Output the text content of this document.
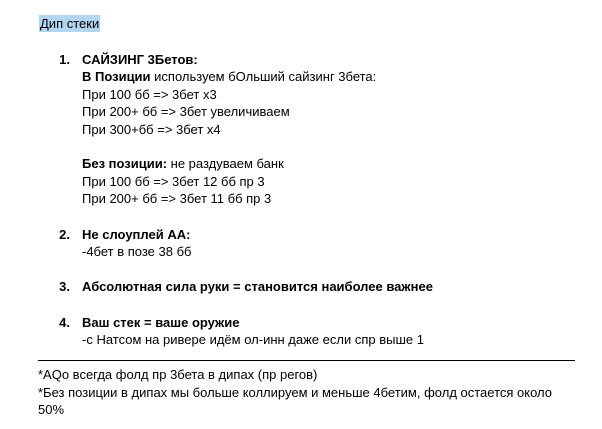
Дип стеки
1. САЙЗИНГ 3Бетов:
В Позиции используем бОльший сайзинг 3бета:
При 100 бб => 3бет х3
При 200+ бб => 3бет увеличиваем
При 300+бб => 3бет х4
Без позиции: не раздуваем банк
При 100 бб => 3бет 12 бб пр 3
При 200+ бб => 3бет 11 бб пр 3
2. Не слоуплей АА:
-4бет в позе 38 бб
3. Абсолютная сила руки = становится наиболее важнее
4. Ваш стек = ваше оружие
-с Натсом на ривере идём ол-инн даже если спр выше 1
*AQo всегда фолд пр 3бета в дипах (пр регов)
*Без позиции в дипах мы больше коллируем и меньше 4бетим, фолд остается около
50%
